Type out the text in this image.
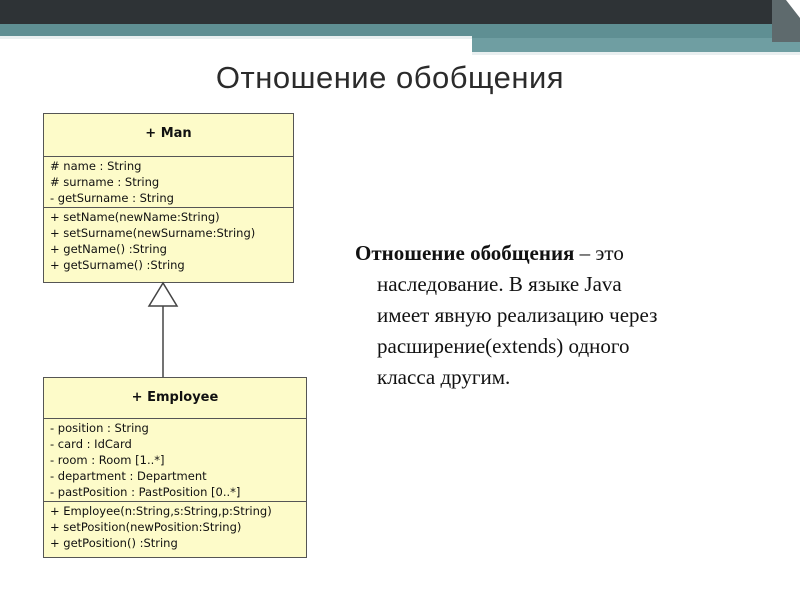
Отношение обобщения
+ Man
# name : String
# surname : String
- getSurname : String
+ setName(newName:String)
+ setSurname(newSurname:String)
+ getName() :String
+ getSurname() :String
+ Employee
- position : String
- card : IdCard
- room : Room [1..*]
- department : Department
- pastPosition : PastPosition [0..*]
+ Employee(n:String,s:String,p:String)
+ setPosition(newPosition:String)
+ getPosition() :String
Отношение обобщения – это
наследование. В языке Java
имеет явную реализацию через
расширение(extends) одного
класса другим.
